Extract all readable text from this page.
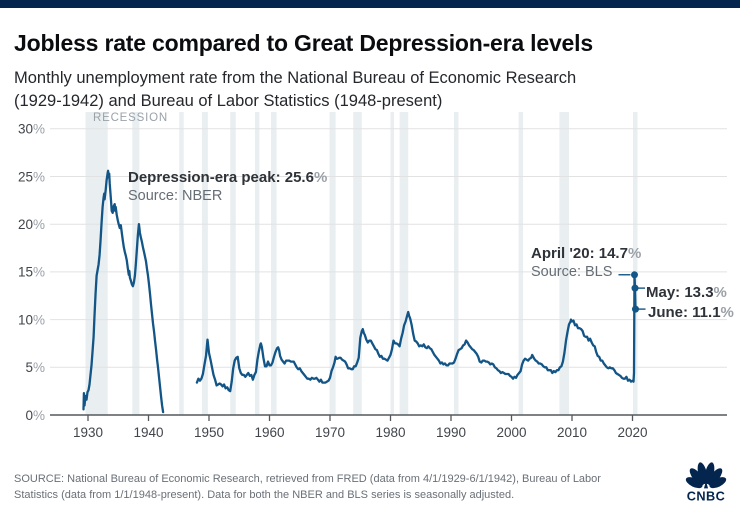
Jobless rate compared to Great Depression-era levels

Monthly unemployment rate from the National Bureau of Economic Research (1929-1942) and Bureau of Labor Statistics (1948-present)

0%
5%
10%
15%
20%
25%
30%
1930 1940 1950 1960 1970 1980 1990 2000 2010 2020
RECESSION
Depression-era peak: 25.6%
Source: NBER
April '20: 14.7%
Source: BLS
May: 13.3%
June: 11.1%

SOURCE: National Bureau of Economic Research, retrieved from FRED (data from 4/1/1929-6/1/1942), Bureau of Labor Statistics (data from 1/1/1948-present). Data for both the NBER and BLS series is seasonally adjusted.	CNBC
